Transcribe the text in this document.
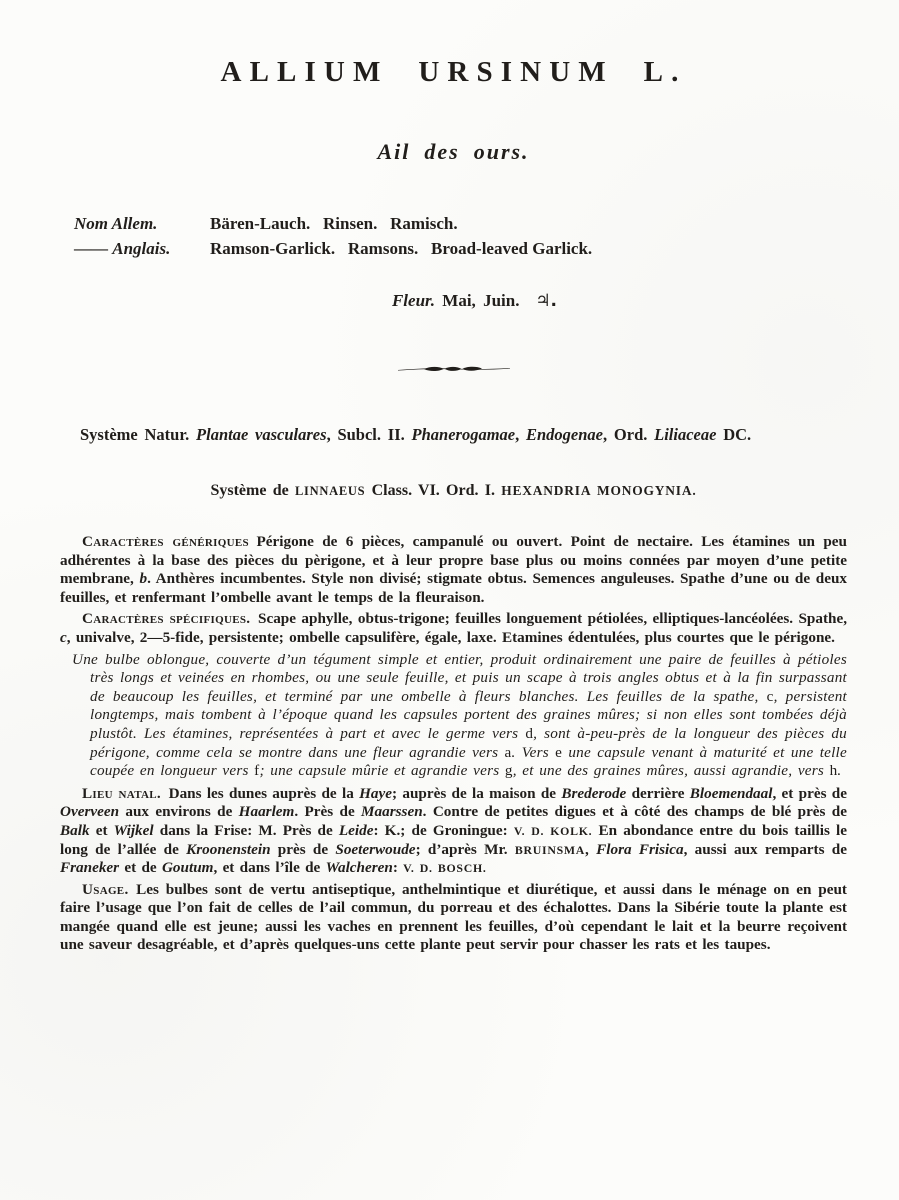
ALLIUM URSINUM L.
Ail des ours.
Nom Allem.	Bären-Lauch.  Rinsen.  Ramisch.
—— Anglais.	Ramson-Garlick.  Ramsons.  Broad-leaved Garlick.

Fleur. Mai, Juin.  ♃.

Système Natur. Plantae vasculares, Subcl. II. Phanerogamae, Endogenae, Ord. Liliaceae DC.

Système de LINNAEUS Class. VI. Ord. I. HEXANDRIA MONOGYNIA.

Caractères génériques Périgone de 6 pièces, campanulé ou ouvert. Point de nectaire. Les étamines un peu adhérentes à la base des pièces du pèrigone, et à leur propre base plus ou moins connées par moyen d’une petite membrane, b. Anthères incumbentes. Style non divisé; stigmate obtus. Semences anguleuses. Spathe d’une ou de deux feuilles, et renfermant l’ombelle avant le temps de la fleuraison.

Caractères spécifiques. Scape aphylle, obtus-trigone; feuilles longuement pétiolées, elliptiques-lancéolées. Spathe, c, univalve, 2—5-fide, persistente; ombelle capsulifère, égale, laxe. Etamines édentulées, plus courtes que le périgone.

Une bulbe oblongue, couverte d’un tégument simple et entier, produit ordinairement une paire de feuilles à pétioles très longs et veinées en rhombes, ou une seule feuille, et puis un scape à trois angles obtus et à la fin surpassant de beaucoup les feuilles, et terminé par une ombelle à fleurs blanches. Les feuilles de la spathe, c, persistent longtemps, mais tombent à l’époque quand les capsules portent des graines mûres; si non elles sont tombées déjà plustôt. Les étamines, représentées à part et avec le germe vers d, sont à-peu-près de la longueur des pièces du périgone, comme cela se montre dans une fleur agrandie vers a. Vers e une capsule venant à maturité et une telle coupée en longueur vers f; une capsule mûrie et agrandie vers g, et une des graines mûres, aussi agrandie, vers h.

Lieu natal. Dans les dunes auprès de la Haye; auprès de la maison de Brederode derrière Bloemendaal, et près de Overveen aux environs de Haarlem. Près de Maarssen. Contre de petites digues et à côté des champs de blé près de Balk et Wijkel dans la Frise: M. Près de Leide: K.; de Groningue: V. D. KOLK. En abondance entre du bois taillis le long de l’allée de Kroonenstein près de Soeterwoude; d’après Mr. BRUINSMA, Flora Frisica, aussi aux remparts de Franeker et de Goutum, et dans l’île de Walcheren: V. D. BOSCH.

Usage. Les bulbes sont de vertu antiseptique, anthelmintique et diurétique, et aussi dans le ménage on en peut faire l’usage que l’on fait de celles de l’ail commun, du porreau et des échalottes. Dans la Sibérie toute la plante est mangée quand elle est jeune; aussi les vaches en prennent les feuilles, d’où cependant le lait et la beurre reçoivent une saveur desagréable, et d’après quelques-uns cette plante peut servir pour chasser les rats et les taupes.
